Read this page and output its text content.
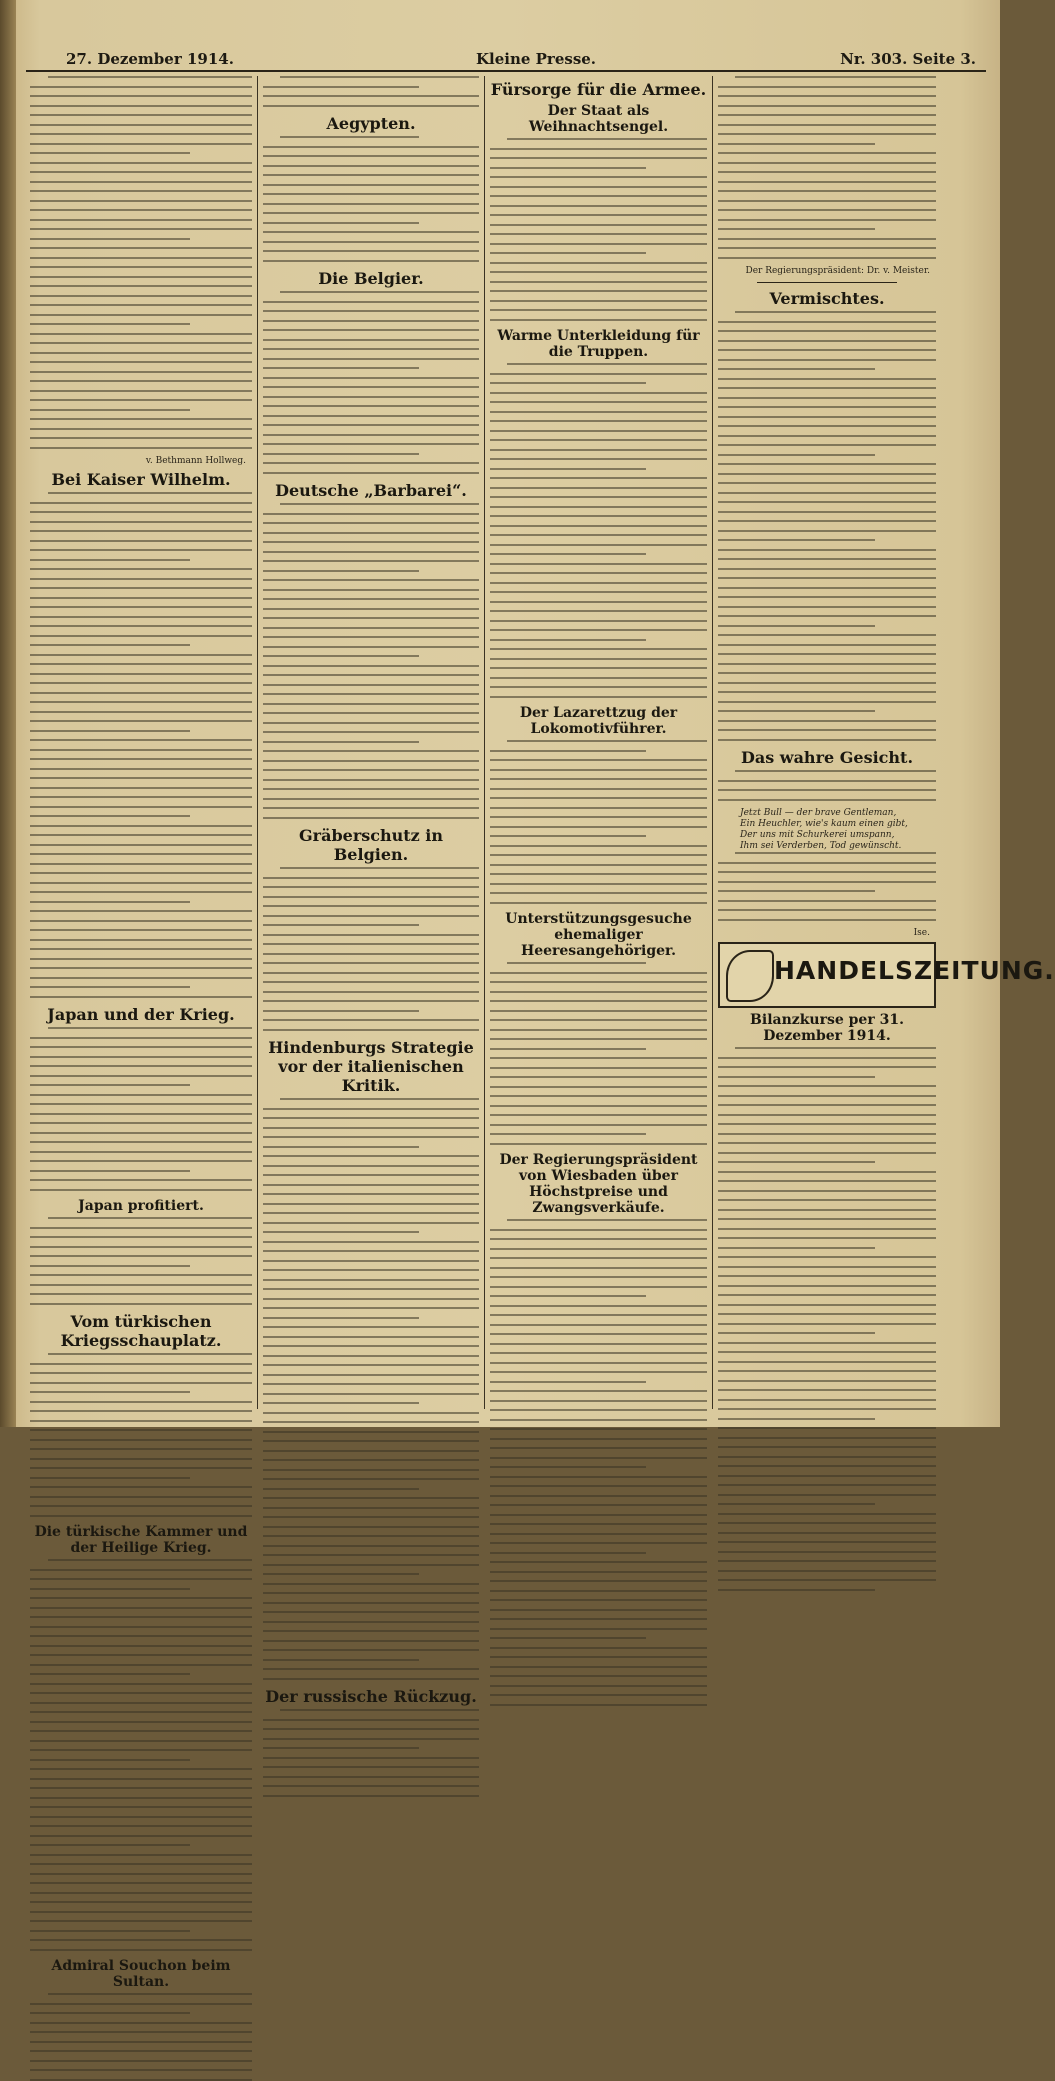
27. Dezember 1914.	Kleine Presse.	Nr. 303. Seite 3.
v. Bethmann Hollweg.
Bei Kaiser Wilhelm.
Japan und der Krieg.
Japan profitiert.
Vom türkischen Kriegsschauplatz.
Die türkische Kammer und der Heilige Krieg.
Admiral Souchon beim Sultan.
Aegypten.
Die Belgier.
Deutsche „Barbarei“.
Gräberschutz in Belgien.
Hindenburgs Strategie vor der italienischen Kritik.
Der russische Rückzug.
Fürsorge für die Armee.
Der Staat als Weihnachtsengel.
Warme Unterkleidung für die Truppen.
Der Lazarettzug der Lokomotivführer.
Unterstützungsgesuche ehemaliger Heeresangehöriger.
Der Regierungspräsident von Wiesbaden über Höchstpreise und Zwangsverkäufe.
Der Regierungspräsident: Dr. v. Meister.
Vermischtes.
Das wahre Gesicht.
Jetzt Bull — der brave Gentleman,
Ein Heuchler, wie's kaum einen gibt,
Der uns mit Schurkerei umspann,
Ihm sei Verderben, Tod gewünscht.
Ise.
HANDELSZEITUNG.
Bilanzkurse per 31. Dezember 1914.
